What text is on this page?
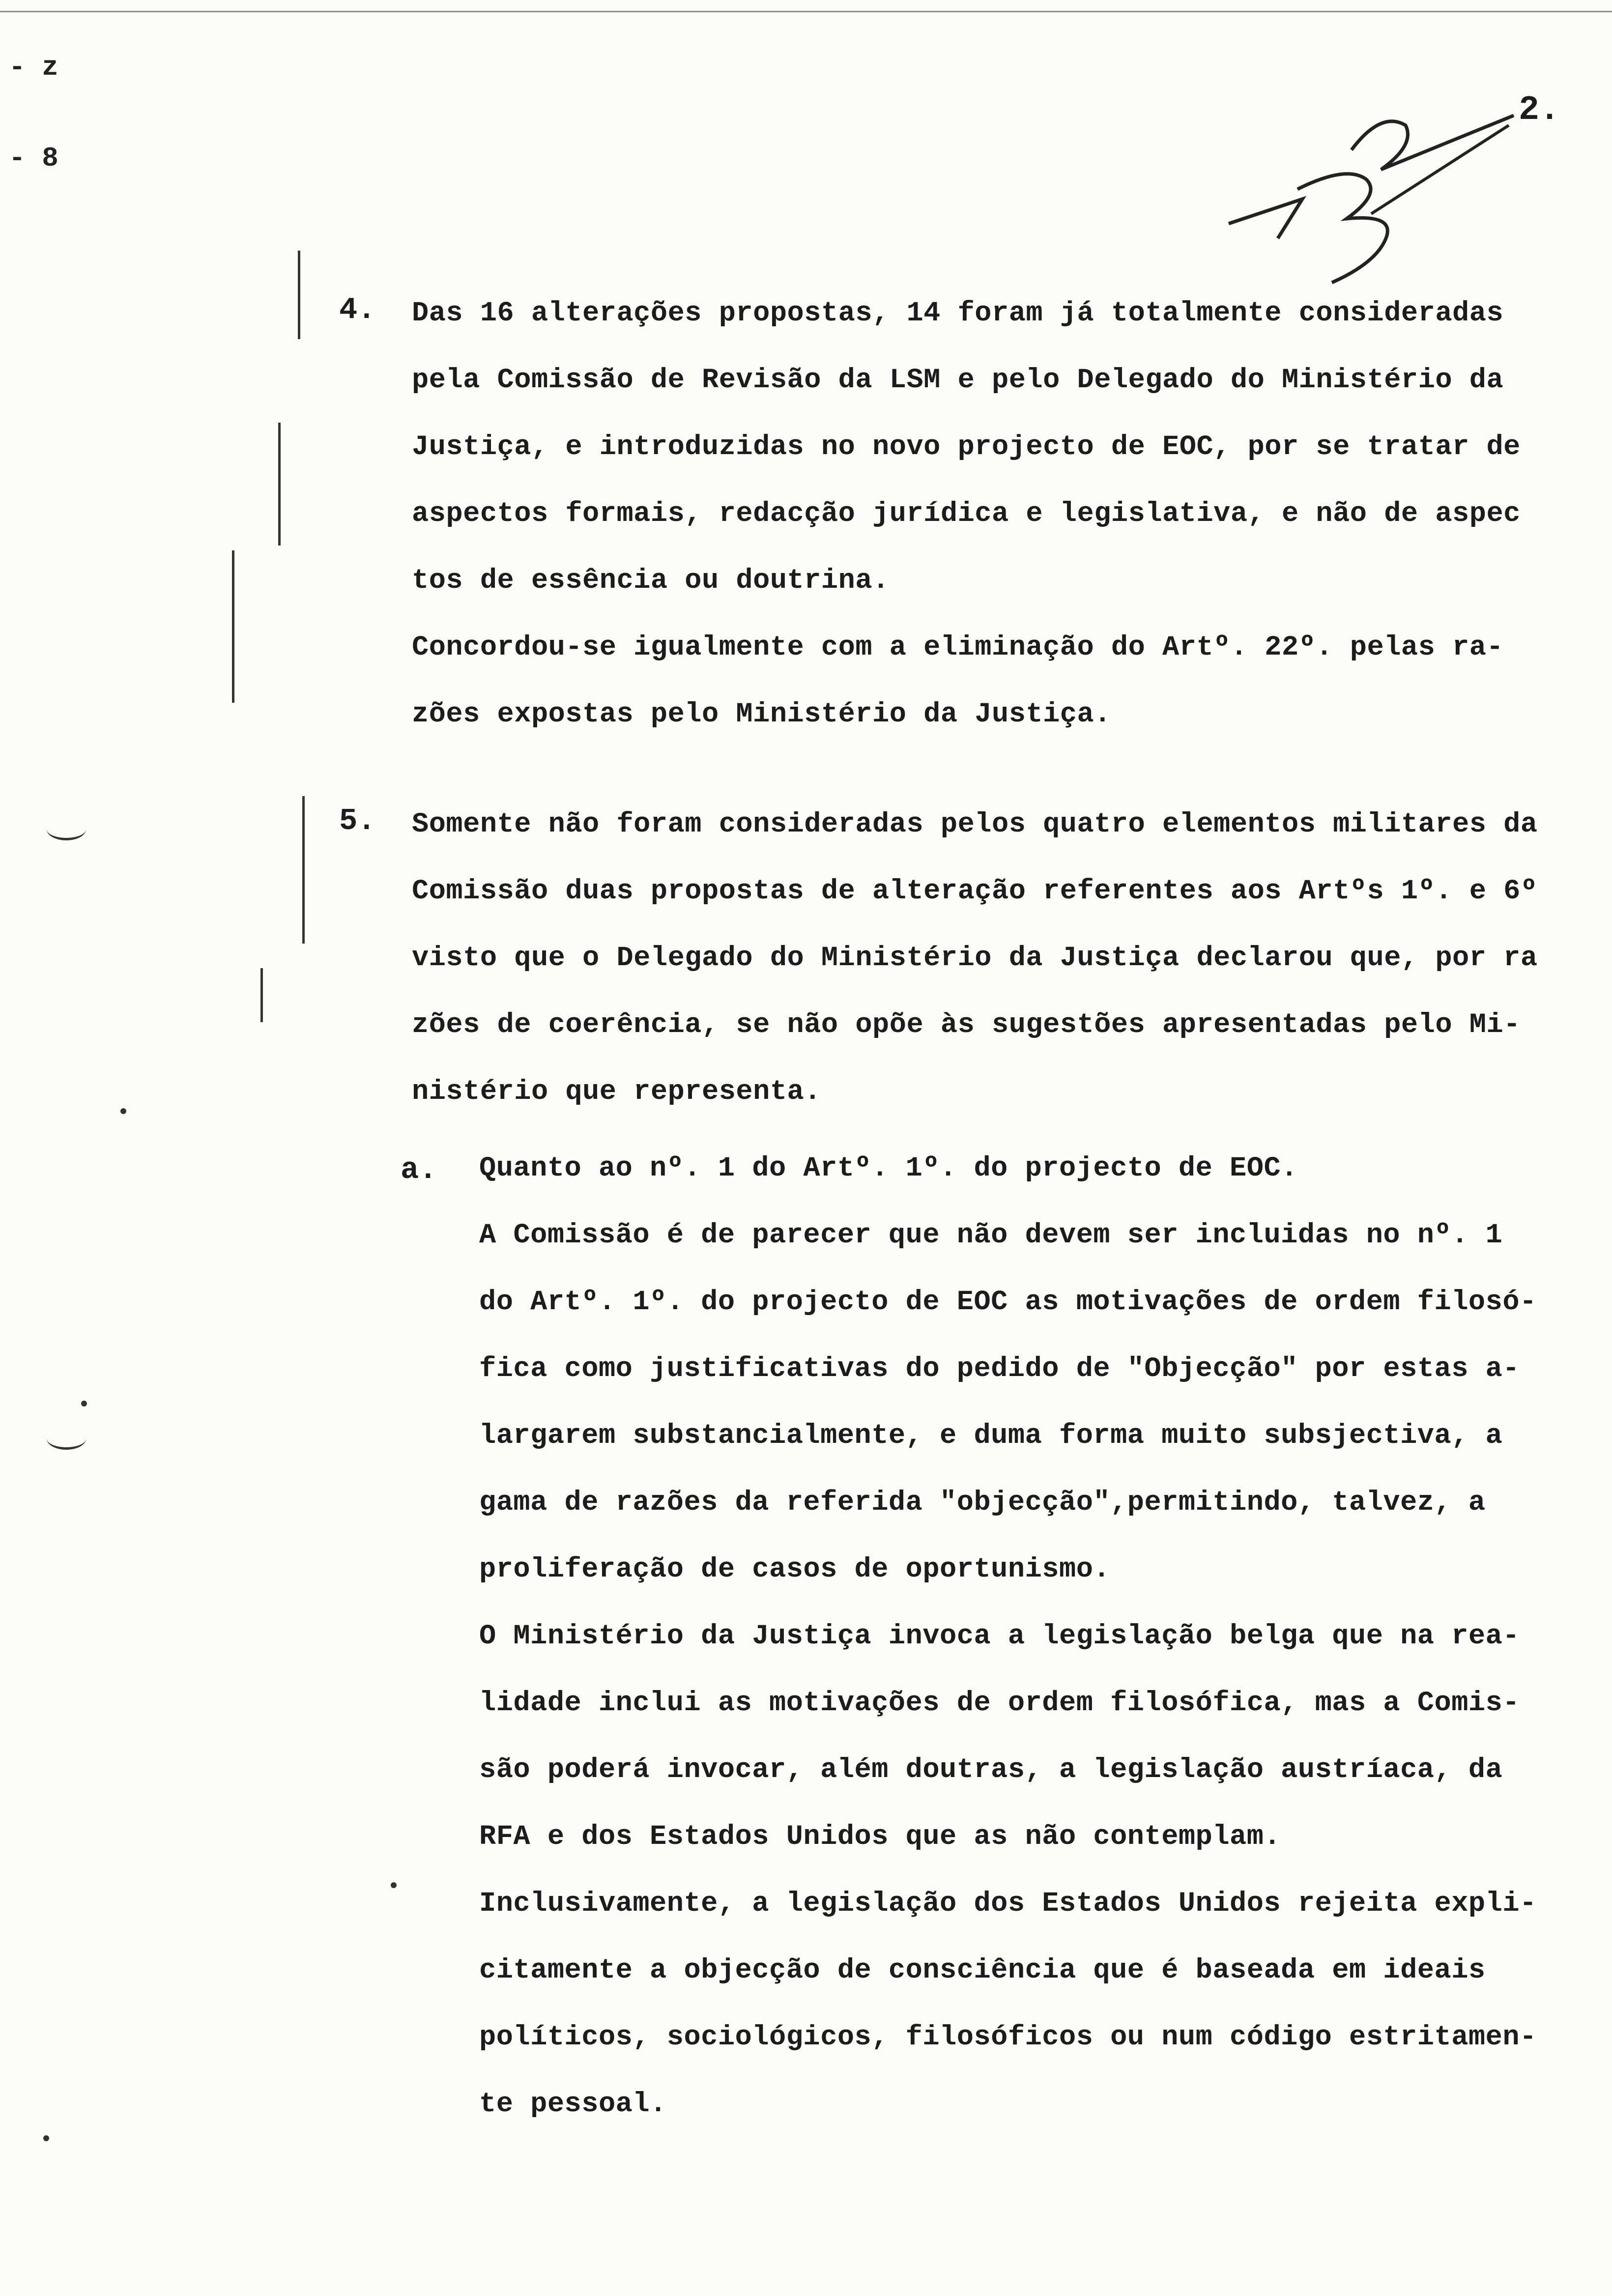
- z
- 8
2.
4. Das 16 alterações propostas, 14 foram já totalmente consideradas
pela Comissão de Revisão da LSM e pelo Delegado do Ministério da
Justiça, e introduzidas no novo projecto de EOC, por se tratar de
aspectos formais, redacção jurídica e legislativa, e não de aspec
tos de essência ou doutrina.
Concordou-se igualmente com a eliminação do Artº. 22º. pelas ra-
zões expostas pelo Ministério da Justiça.
5. Somente não foram consideradas pelos quatro elementos militares da
Comissão duas propostas de alteração referentes aos Artºs 1º. e 6º
visto que o Delegado do Ministério da Justiça declarou que, por ra
zões de coerência, se não opõe às sugestões apresentadas pelo Mi-
nistério que representa.
a. Quanto ao nº. 1 do Artº. 1º. do projecto de EOC.
A Comissão é de parecer que não devem ser incluidas no nº. 1
do Artº. 1º. do projecto de EOC as motivações de ordem filosó-
fica como justificativas do pedido de "Objecção" por estas a-
largarem substancialmente, e duma forma muito subsjectiva, a
gama de razões da referida "objecção",permitindo, talvez, a
proliferação de casos de oportunismo.
O Ministério da Justiça invoca a legislação belga que na rea-
lidade inclui as motivações de ordem filosófica, mas a Comis-
são poderá invocar, além doutras, a legislação austríaca, da
RFA e dos Estados Unidos que as não contemplam.
Inclusivamente, a legislação dos Estados Unidos rejeita expli-
citamente a objecção de consciência que é baseada em ideais
políticos, sociológicos, filosóficos ou num código estritamen-
te pessoal.
